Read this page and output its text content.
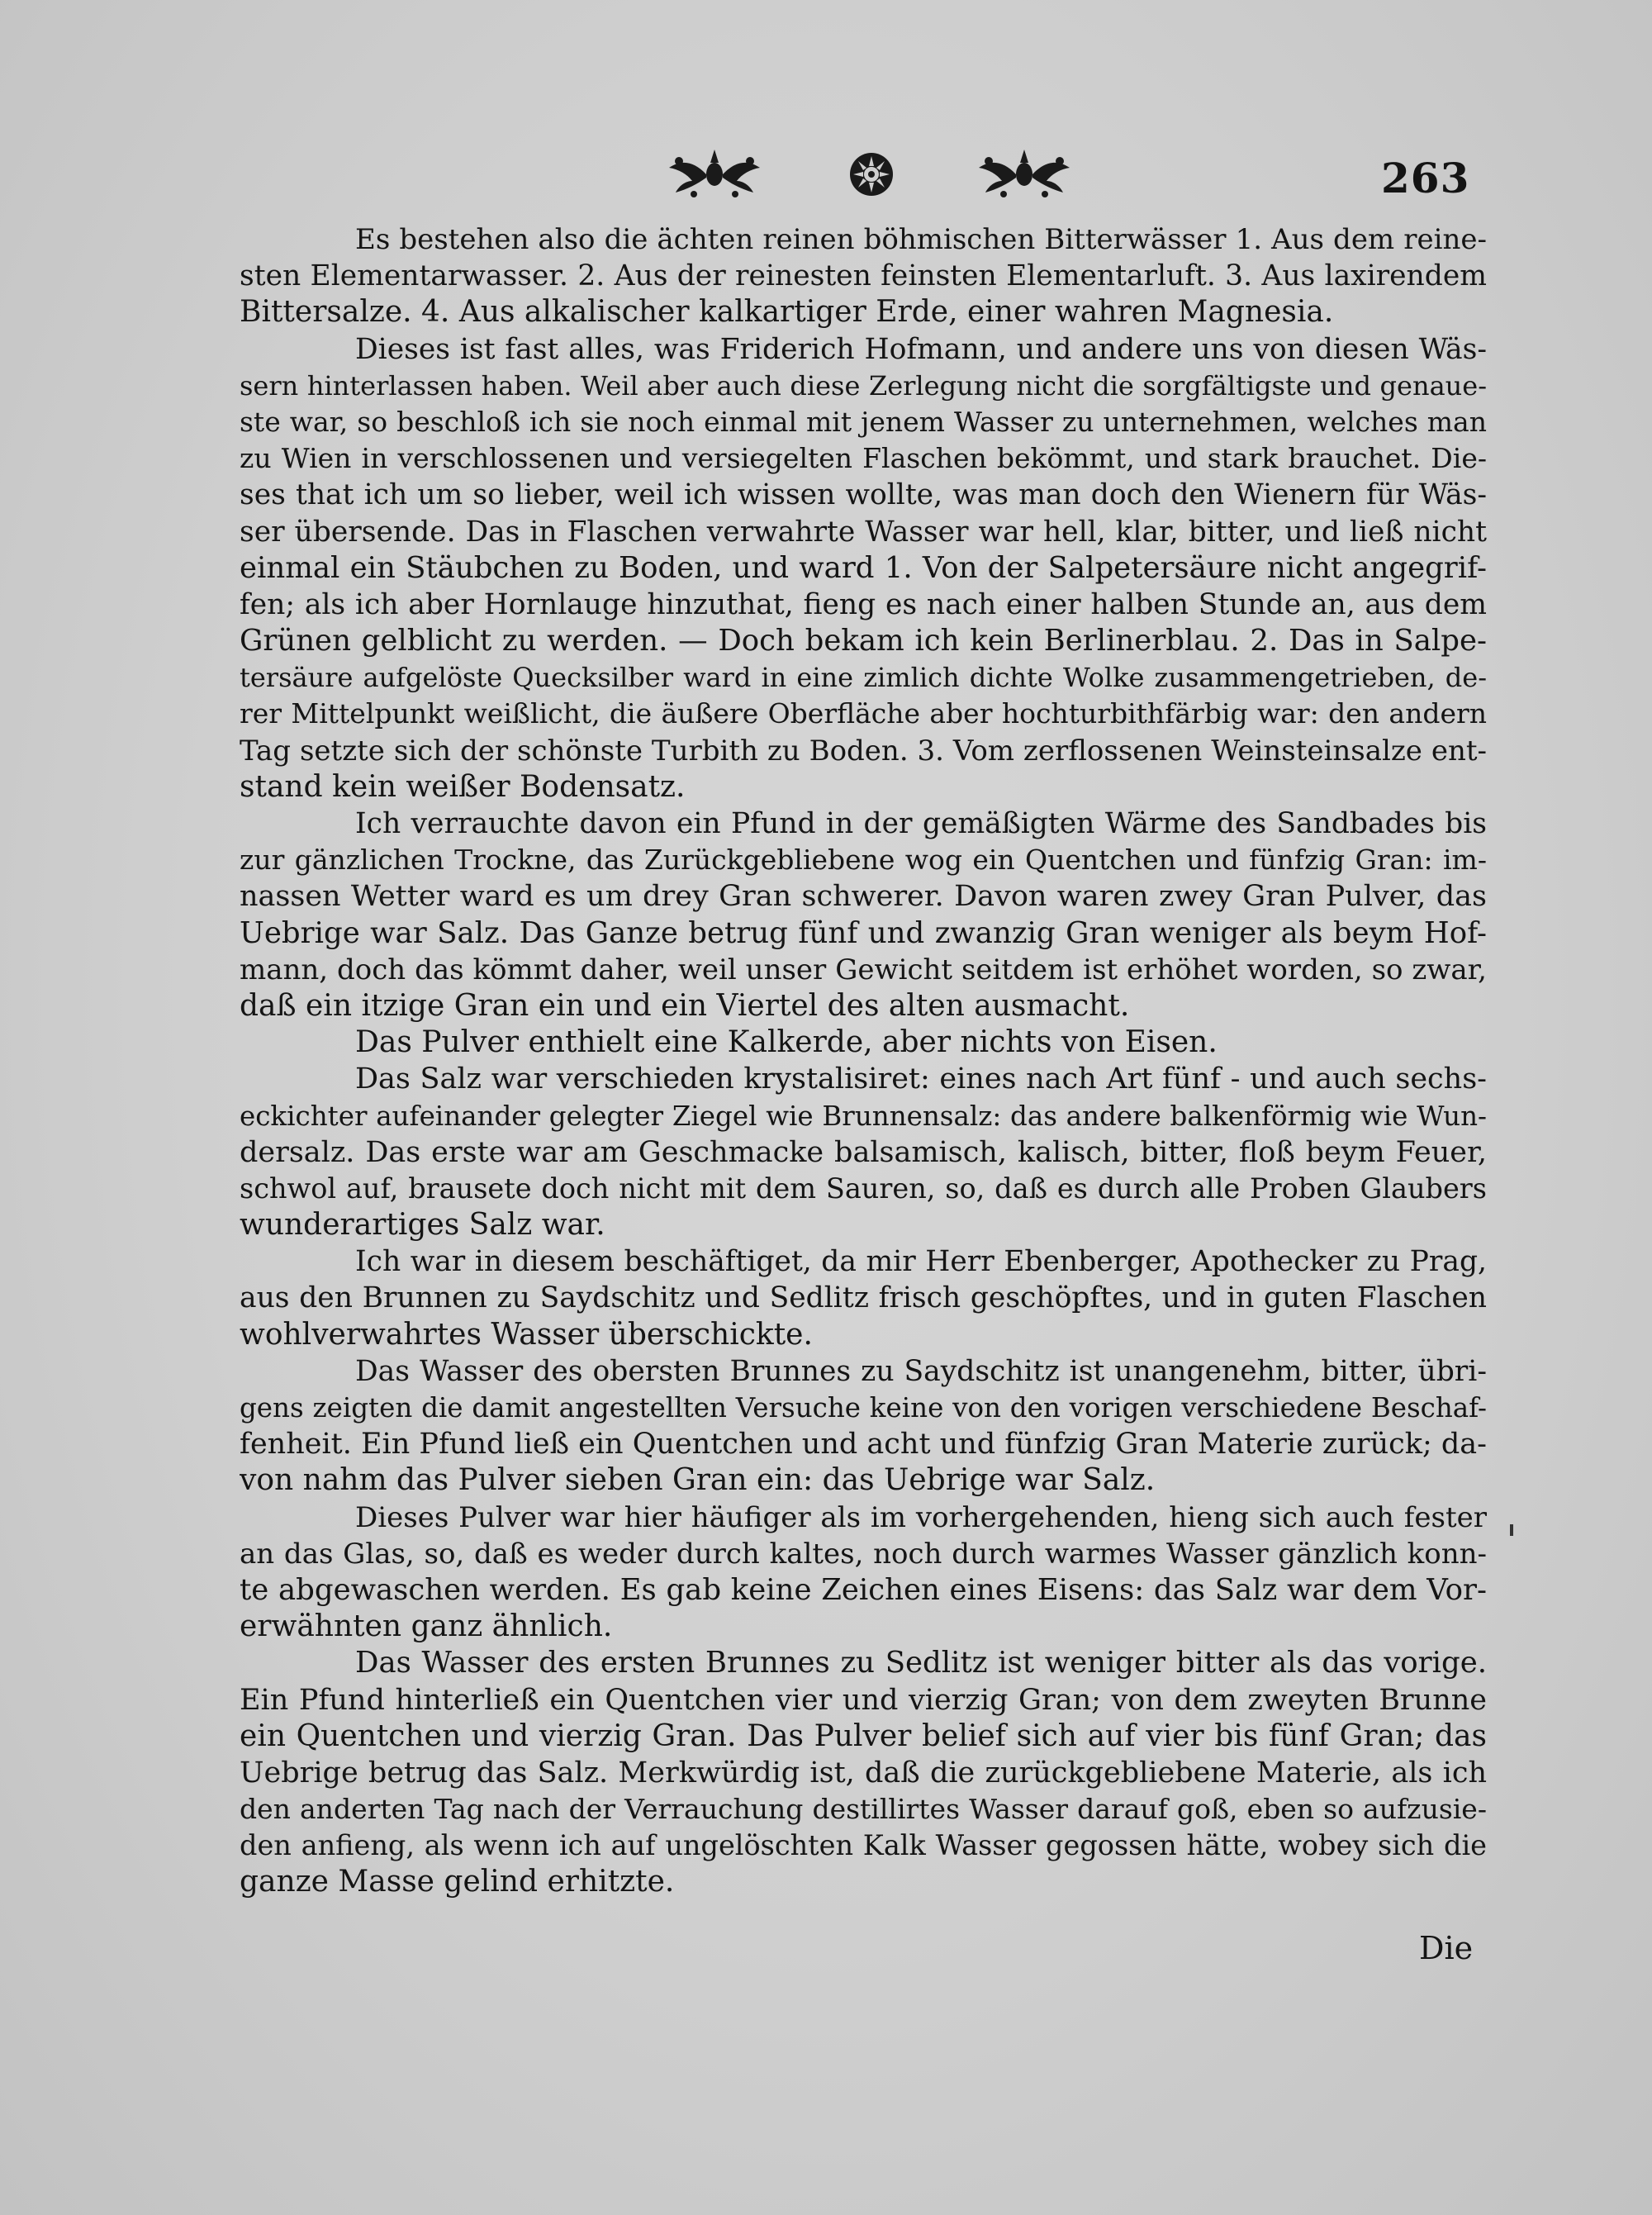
263
Es bestehen also die ächten reinen böhmischen Bitterwässer 1. Aus dem reine-
sten Elementarwasser. 2. Aus der reinesten feinsten Elementarluft. 3. Aus laxirendem
Bittersalze. 4. Aus alkalischer kalkartiger Erde, einer wahren Magnesia.
Dieses ist fast alles, was Friderich Hofmann, und andere uns von diesen Wäs-
sern hinterlassen haben. Weil aber auch diese Zerlegung nicht die sorgfältigste und genaue-
ste war, so beschloß ich sie noch einmal mit jenem Wasser zu unternehmen, welches man
zu Wien in verschlossenen und versiegelten Flaschen bekömmt, und stark brauchet. Die-
ses that ich um so lieber, weil ich wissen wollte, was man doch den Wienern für Wäs-
ser übersende. Das in Flaschen verwahrte Wasser war hell, klar, bitter, und ließ nicht
einmal ein Stäubchen zu Boden, und ward 1. Von der Salpetersäure nicht angegrif-
fen; als ich aber Hornlauge hinzuthat, fieng es nach einer halben Stunde an, aus dem
Grünen gelblicht zu werden. — Doch bekam ich kein Berlinerblau. 2. Das in Salpe-
tersäure aufgelöste Quecksilber ward in eine zimlich dichte Wolke zusammengetrieben, de-
rer Mittelpunkt weißlicht, die äußere Oberfläche aber hochturbithfärbig war: den andern
Tag setzte sich der schönste Turbith zu Boden. 3. Vom zerflossenen Weinsteinsalze ent-
stand kein weißer Bodensatz.
Ich verrauchte davon ein Pfund in der gemäßigten Wärme des Sandbades bis
zur gänzlichen Trockne, das Zurückgebliebene wog ein Quentchen und fünfzig Gran: im-
nassen Wetter ward es um drey Gran schwerer. Davon waren zwey Gran Pulver, das
Uebrige war Salz. Das Ganze betrug fünf und zwanzig Gran weniger als beym Hof-
mann, doch das kömmt daher, weil unser Gewicht seitdem ist erhöhet worden, so zwar,
daß ein itzige Gran ein und ein Viertel des alten ausmacht.
Das Pulver enthielt eine Kalkerde, aber nichts von Eisen.
Das Salz war verschieden krystalisiret: eines nach Art fünf - und auch sechs-
eckichter aufeinander gelegter Ziegel wie Brunnensalz: das andere balkenförmig wie Wun-
dersalz. Das erste war am Geschmacke balsamisch, kalisch, bitter, floß beym Feuer,
schwol auf, brausete doch nicht mit dem Sauren, so, daß es durch alle Proben Glaubers
wunderartiges Salz war.
Ich war in diesem beschäftiget, da mir Herr Ebenberger, Apothecker zu Prag,
aus den Brunnen zu Saydschitz und Sedlitz frisch geschöpftes, und in guten Flaschen
wohlverwahrtes Wasser überschickte.
Das Wasser des obersten Brunnes zu Saydschitz ist unangenehm, bitter, übri-
gens zeigten die damit angestellten Versuche keine von den vorigen verschiedene Beschaf-
fenheit. Ein Pfund ließ ein Quentchen und acht und fünfzig Gran Materie zurück; da-
von nahm das Pulver sieben Gran ein: das Uebrige war Salz.
Dieses Pulver war hier häufiger als im vorhergehenden, hieng sich auch fester
an das Glas, so, daß es weder durch kaltes, noch durch warmes Wasser gänzlich konn-
te abgewaschen werden. Es gab keine Zeichen eines Eisens: das Salz war dem Vor-
erwähnten ganz ähnlich.
Das Wasser des ersten Brunnes zu Sedlitz ist weniger bitter als das vorige.
Ein Pfund hinterließ ein Quentchen vier und vierzig Gran; von dem zweyten Brunne
ein Quentchen und vierzig Gran. Das Pulver belief sich auf vier bis fünf Gran; das
Uebrige betrug das Salz. Merkwürdig ist, daß die zurückgebliebene Materie, als ich
den anderten Tag nach der Verrauchung destillirtes Wasser darauf goß, eben so aufzusie-
den anfieng, als wenn ich auf ungelöschten Kalk Wasser gegossen hätte, wobey sich die
ganze Masse gelind erhitzte.
Die
